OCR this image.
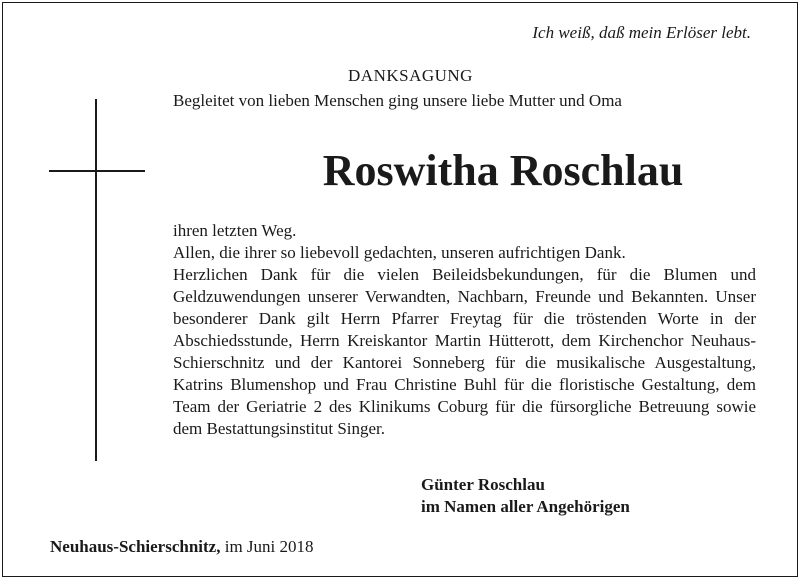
Ich weiß, daß mein Erlöser lebt.
DANKSAGUNG
Begleitet von lieben Menschen ging unsere liebe Mutter und Oma
Roswitha Roschlau

ihren letzten Weg.

Allen, die ihrer so liebevoll gedachten, unseren aufrichtigen Dank.

Herzlichen Dank für die vielen Beileidsbekundungen, für die Blumen und Geldzuwendungen unserer Verwandten, Nachbarn, Freunde und Bekannten. Unser besonderer Dank gilt Herrn Pfarrer Freytag für die tröstenden Worte in der Abschiedsstunde, Herrn Kreiskantor Martin Hütterott, dem Kirchenchor Neuhaus-Schierschnitz und der Kantorei Sonneberg für die musikalische Ausgestaltung, Katrins Blumenshop und Frau Christine Buhl für die floristische Gestaltung, dem Team der Geriatrie 2 des Klinikums Coburg für die fürsorgliche Betreuung sowie dem Bestattungsinstitut Singer.

Günter Roschlau
im Namen aller Angehörigen
Neuhaus-Schierschnitz, im Juni 2018
